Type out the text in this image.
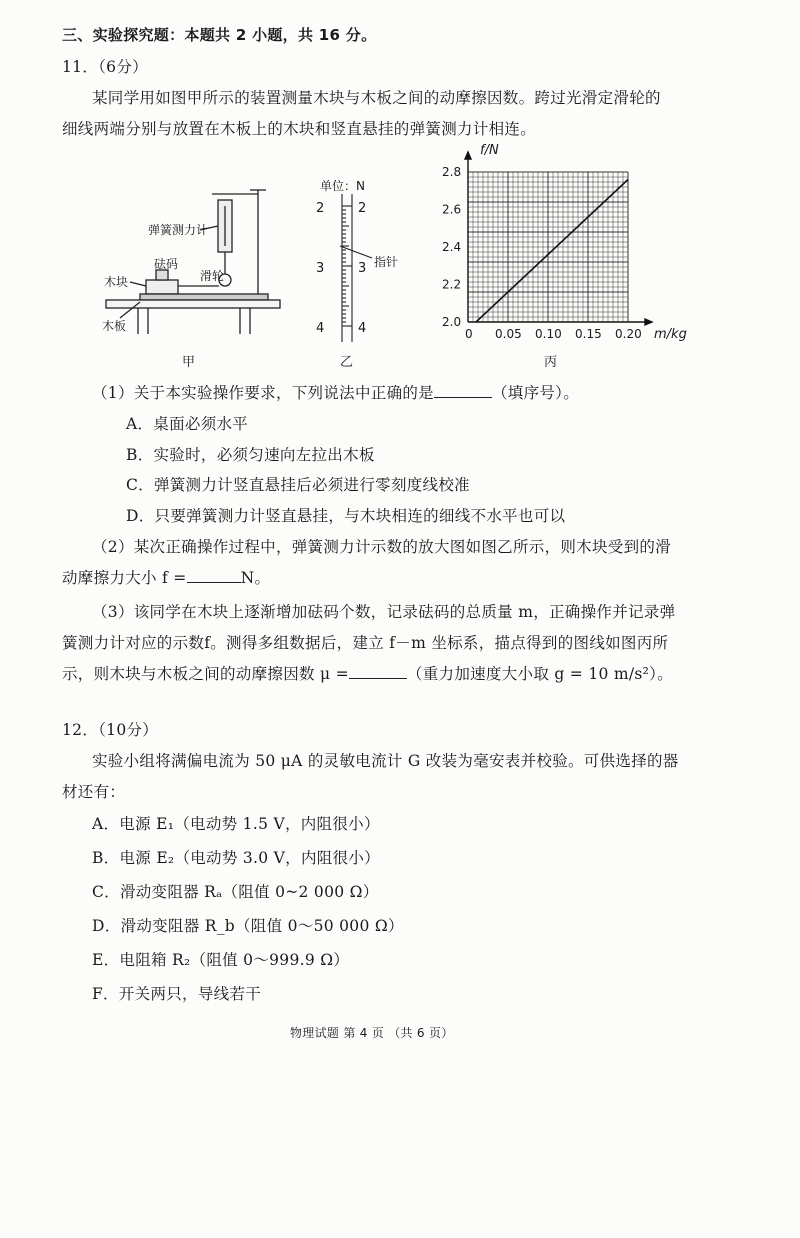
三、实验探究题：本题共 2 小题，共 16 分。
11．（6分）
某同学用如图甲所示的装置测量木块与木板之间的动摩擦因数。跨过光滑定滑轮的
细线两端分别与放置在木板上的木块和竖直悬挂的弹簧测力计相连。
弹簧测力计
砝码
滑轮
木块
木板
甲
单位：N
2
3
4
2
3
4
指针
乙
2.0
2.2
2.4
2.6
2.8
0 0.05 0.10 0.15 0.20
f/N
m/kg
丙
（1）关于本实验操作要求，下列说法中正确的是	（填序号）。
A．桌面必须水平
B．实验时，必须匀速向左拉出木板
C．弹簧测力计竖直悬挂后必须进行零刻度线校准
D．只要弹簧测力计竖直悬挂，与木块相连的细线不水平也可以
（2）某次正确操作过程中，弹簧测力计示数的放大图如图乙所示，则木块受到的滑
动摩擦力大小 f =	N。
（3）该同学在木块上逐渐增加砝码个数，记录砝码的总质量 m，正确操作并记录弹
簧测力计对应的示数f。测得多组数据后，建立 f－m 坐标系，描点得到的图线如图丙所
示，则木块与木板之间的动摩擦因数 μ =	（重力加速度大小取 g = 10 m/s²）。
12．（10分）
实验小组将满偏电流为 50 μA 的灵敏电流计 G 改装为毫安表并校验。可供选择的器
材还有：
A．电源 E₁（电动势 1.5 V，内阻很小）
B．电源 E₂（电动势 3.0 V，内阻很小）
C．滑动变阻器 Rₐ（阻值 0~2 000 Ω）
D．滑动变阻器 R_b（阻值 0～50 000 Ω）
E．电阻箱 R₂（阻值 0～999.9 Ω）
F．开关两只，导线若干
物理试题 第 4 页 （共 6 页）
